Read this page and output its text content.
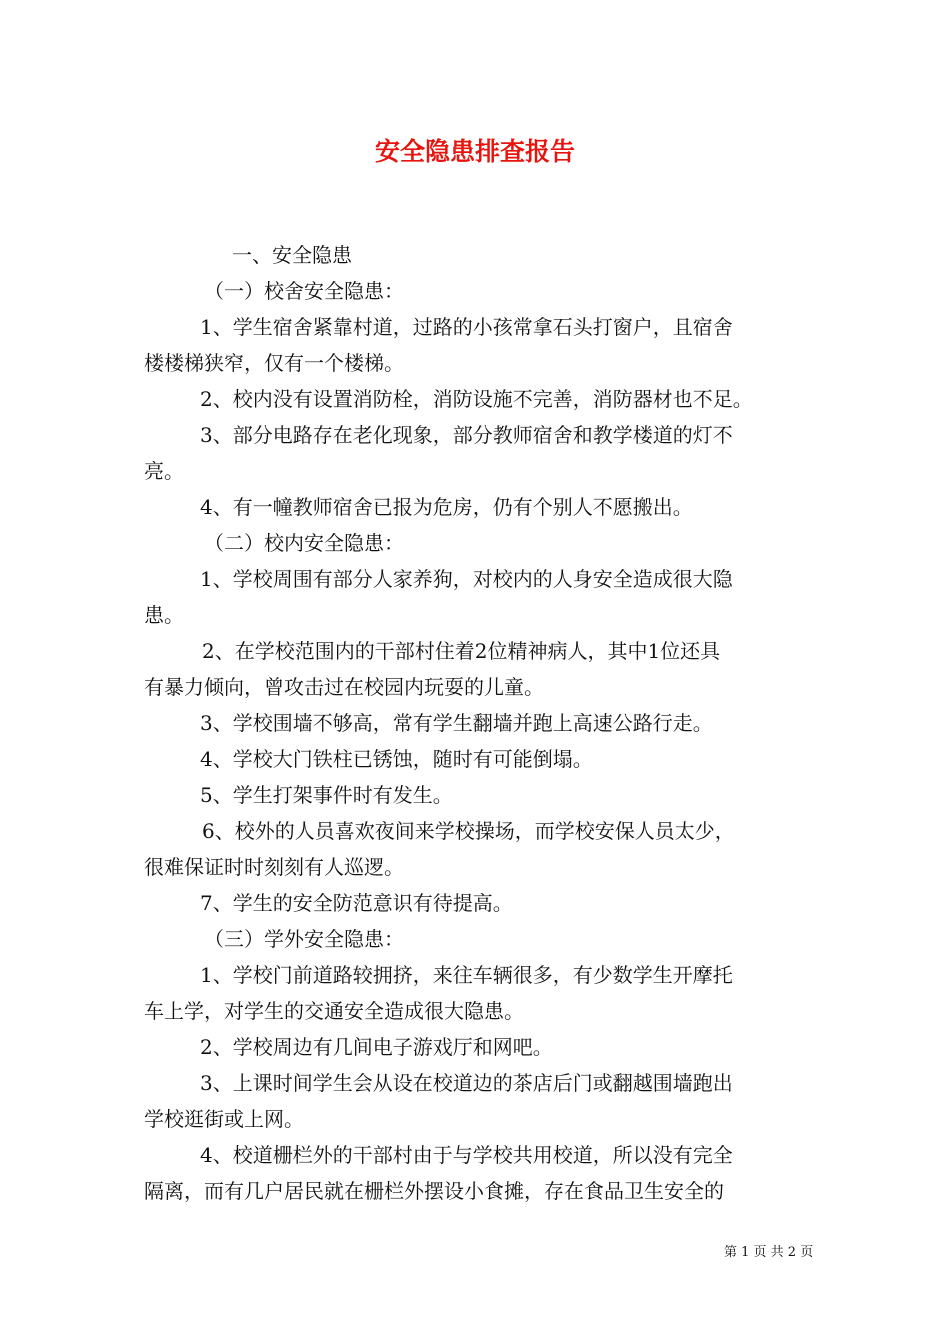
安全隐患排查报告
一、安全隐患
（一）校舍安全隐患：
1、学生宿舍紧靠村道，过路的小孩常拿石头打窗户，且宿舍
楼楼梯狭窄，仅有一个楼梯。
2、校内没有设置消防栓，消防设施不完善，消防器材也不足。
3、部分电路存在老化现象，部分教师宿舍和教学楼道的灯不
亮。
4、有一幢教师宿舍已报为危房，仍有个别人不愿搬出。
（二）校内安全隐患：
1、学校周围有部分人家养狗，对校内的人身安全造成很大隐
患。
2、在学校范围内的干部村住着2位精神病人，其中1位还具
有暴力倾向，曾攻击过在校园内玩耍的儿童。
3、学校围墙不够高，常有学生翻墙并跑上高速公路行走。
4、学校大门铁柱已锈蚀，随时有可能倒塌。
5、学生打架事件时有发生。
6、校外的人员喜欢夜间来学校操场，而学校安保人员太少，
很难保证时时刻刻有人巡逻。
7、学生的安全防范意识有待提高。
（三）学外安全隐患：
1、学校门前道路较拥挤，来往车辆很多，有少数学生开摩托
车上学，对学生的交通安全造成很大隐患。
2、学校周边有几间电子游戏厅和网吧。
3、上课时间学生会从设在校道边的茶店后门或翻越围墙跑出
学校逛街或上网。
4、校道栅栏外的干部村由于与学校共用校道，所以没有完全
隔离，而有几户居民就在栅栏外摆设小食摊，存在食品卫生安全的
第 1 页 共 2 页
